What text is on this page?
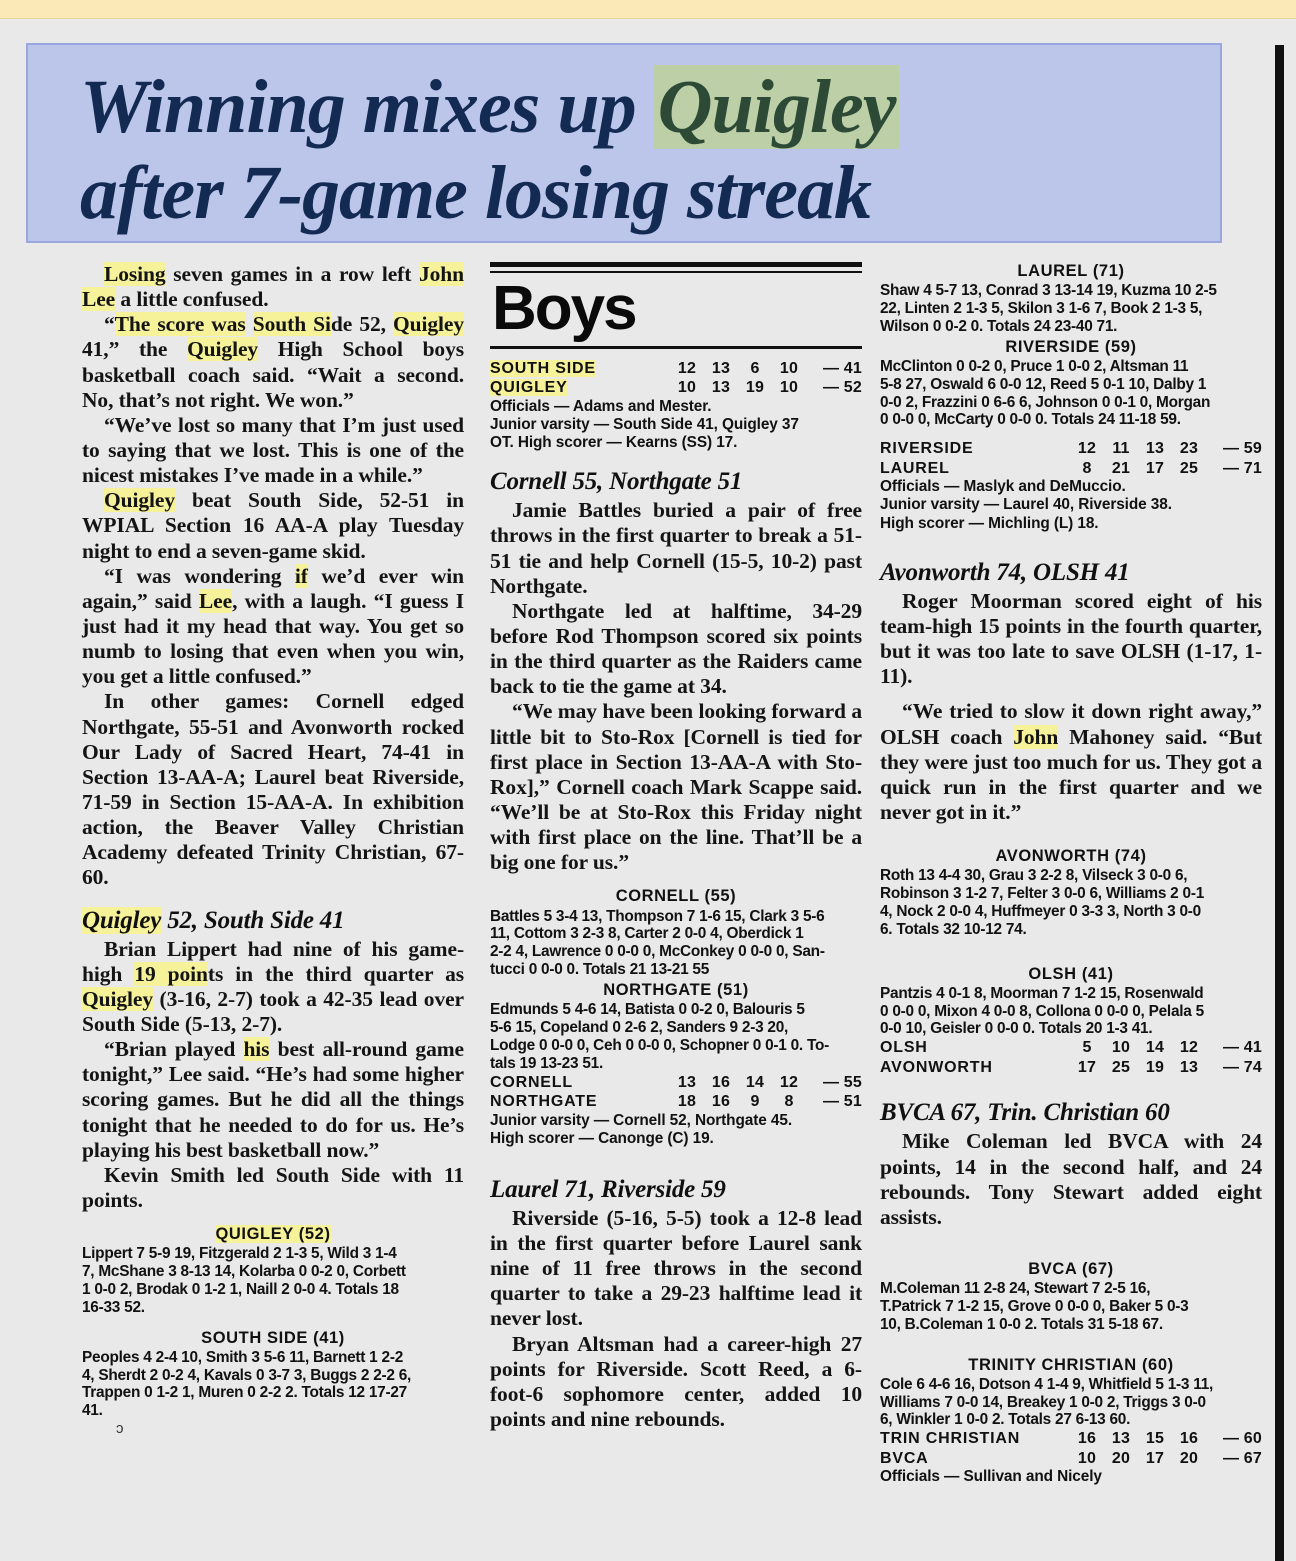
Winning mixes up Quigley
after 7-game losing streak

Losing seven games in a row left John Lee a little confused.

“The score was South Side 52, Quigley 41,” the Quigley High School boys basketball coach said. “Wait a second. No, that’s not right. We won.”

“We’ve lost so many that I’m just used to saying that we lost. This is one of the nicest mistakes I’ve made in a while.”

Quigley beat South Side, 52-51 in WPIAL Section 16 AA-A play Tuesday night to end a seven-game skid.

“I was wondering if we’d ever win again,” said Lee, with a laugh. “I guess I just had it my head that way. You get so numb to losing that even when you win, you get a little confused.”

In other games: Cornell edged Northgate, 55-51 and Avonworth rocked Our Lady of Sacred Heart, 74-41 in Section 13-AA-A; Laurel beat Riverside, 71-59 in Section 15-AA-A. In exhibition action, the Beaver Valley Christian Academy defeated Trinity Christian, 67-60.

Quigley 52, South Side 41

Brian Lippert had nine of his game-high 19 points in the third quarter as Quigley (3-16, 2-7) took a 42-35 lead over South Side (5-13, 2-7).

“Brian played his best all-round game tonight,” Lee said. “He’s had some higher scoring games. But he did all the things tonight that he needed to do for us. He’s playing his best basketball now.”

Kevin Smith led South Side with 11 points.

QUIGLEY (52)
Lippert 7 5-9 19, Fitzgerald 2 1-3 5, Wild 3 1-4
7, McShane 3 8-13 14, Kolarba 0 0-2 0, Corbett
1 0-0 2, Brodak 0 1-2 1, Naill 2 0-0 4. Totals 18
16-33 52.
SOUTH SIDE (41)
Peoples 4 2-4 10, Smith 3 5-6 11, Barnett 1 2-2
4, Sherdt 2 0-2 4, Kavals 0 3-7 3, Buggs 2 2-2 6,
Trappen 0 1-2 1, Muren 0 2-2 2. Totals 12 17-27
41.
ɔ
Boys
SOUTH SIDE	12 13	6	10	— 41
QUIGLEY	10 13 19 10	— 52
Officials — Adams and Mester.
Junior varsity — South Side 41, Quigley 37
OT. High scorer — Kearns (SS) 17.
Cornell 55, Northgate 51

Jamie Battles buried a pair of free throws in the first quarter to break a 51-51 tie and help Cornell (15-5, 10-2) past Northgate.

Northgate led at halftime, 34-29 before Rod Thompson scored six points in the third quarter as the Raiders came back to tie the game at 34.

“We may have been looking forward a little bit to Sto-Rox [Cornell is tied for first place in Section 13-AA-A with Sto-Rox],” Cornell coach Mark Scappe said. “We’ll be at Sto-Rox this Friday night with first place on the line. That’ll be a big one for us.”

CORNELL (55)
Battles 5 3-4 13, Thompson 7 1-6 15, Clark 3 5-6
11, Cottom 3 2-3 8, Carter 2 0-0 4, Oberdick 1
2-2 4, Lawrence 0 0-0 0, McConkey 0 0-0 0, San-
tucci 0 0-0 0. Totals 21 13-21 55
NORTHGATE (51)
Edmunds 5 4-6 14, Batista 0 0-2 0, Balouris 5
5-6 15, Copeland 0 2-6 2, Sanders 9 2-3 20,
Lodge 0 0-0 0, Ceh 0 0-0 0, Schopner 0 0-1 0. To-
tals 19 13-23 51.
CORNELL	13 16 14 12	— 55
NORTHGATE	18 16	9	8	— 51
Junior varsity — Cornell 52, Northgate 45.
High scorer — Canonge (C) 19.
Laurel 71, Riverside 59

Riverside (5-16, 5-5) took a 12-8 lead in the first quarter before Laurel sank nine of 11 free throws in the second quarter to take a 29-23 halftime lead it never lost.

Bryan Altsman had a career-high 27 points for Riverside. Scott Reed, a 6-foot-6 sophomore center, added 10 points and nine rebounds.

LAUREL (71)
Shaw 4 5-7 13, Conrad 3 13-14 19, Kuzma 10 2-5
22, Linten 2 1-3 5, Skilon 3 1-6 7, Book 2 1-3 5,
Wilson 0 0-2 0. Totals 24 23-40 71.
RIVERSIDE (59)
McClinton 0 0-2 0, Pruce 1 0-0 2, Altsman 11
5-8 27, Oswald 6 0-0 12, Reed 5 0-1 10, Dalby 1
0-0 2, Frazzini 0 6-6 6, Johnson 0 0-1 0, Morgan
0 0-0 0, McCarty 0 0-0 0. Totals 24 11-18 59.
RIVERSIDE	12	11	13 23	— 59
LAUREL	8	21 17 25	— 71
Officials — Maslyk and DeMuccio.
Junior varsity — Laurel 40, Riverside 38.
High scorer — Michling (L) 18.
Avonworth 74, OLSH 41

Roger Moorman scored eight of his team-high 15 points in the fourth quarter, but it was too late to save OLSH (1-17, 1-11).

“We tried to slow it down right away,” OLSH coach John Mahoney said. “But they were just too much for us. They got a quick run in the first quarter and we never got in it.”

AVONWORTH (74)
Roth 13 4-4 30, Grau 3 2-2 8, Vilseck 3 0-0 6,
Robinson 3 1-2 7, Felter 3 0-0 6, Williams 2 0-1
4, Nock 2 0-0 4, Huffmeyer 0 3-3 3, North 3 0-0
6. Totals 32 10-12 74.
OLSH (41)
Pantzis 4 0-1 8, Moorman 7 1-2 15, Rosenwald
0 0-0 0, Mixon 4 0-0 8, Collona 0 0-0 0, Pelala 5
0-0 10, Geisler 0 0-0 0. Totals 20 1-3 41.
OLSH	5	10 14 12	— 41
AVONWORTH	17 25 19 13	— 74
BVCA 67, Trin. Christian 60

Mike Coleman led BVCA with 24 points, 14 in the second half, and 24 rebounds. Tony Stewart added eight assists.

BVCA (67)
M.Coleman 11 2-8 24, Stewart 7 2-5 16,
T.Patrick 7 1-2 15, Grove 0 0-0 0, Baker 5 0-3
10, B.Coleman 1 0-0 2. Totals 31 5-18 67.
TRINITY CHRISTIAN (60)
Cole 6 4-6 16, Dotson 4 1-4 9, Whitfield 5 1-3 11,
Williams 7 0-0 14, Breakey 1 0-0 2, Triggs 3 0-0
6, Winkler 1 0-0 2. Totals 27 6-13 60.
TRIN CHRISTIAN	16 13 15 16	— 60
BVCA	10 20 17 20	— 67
Officials — Sullivan and Nicely
